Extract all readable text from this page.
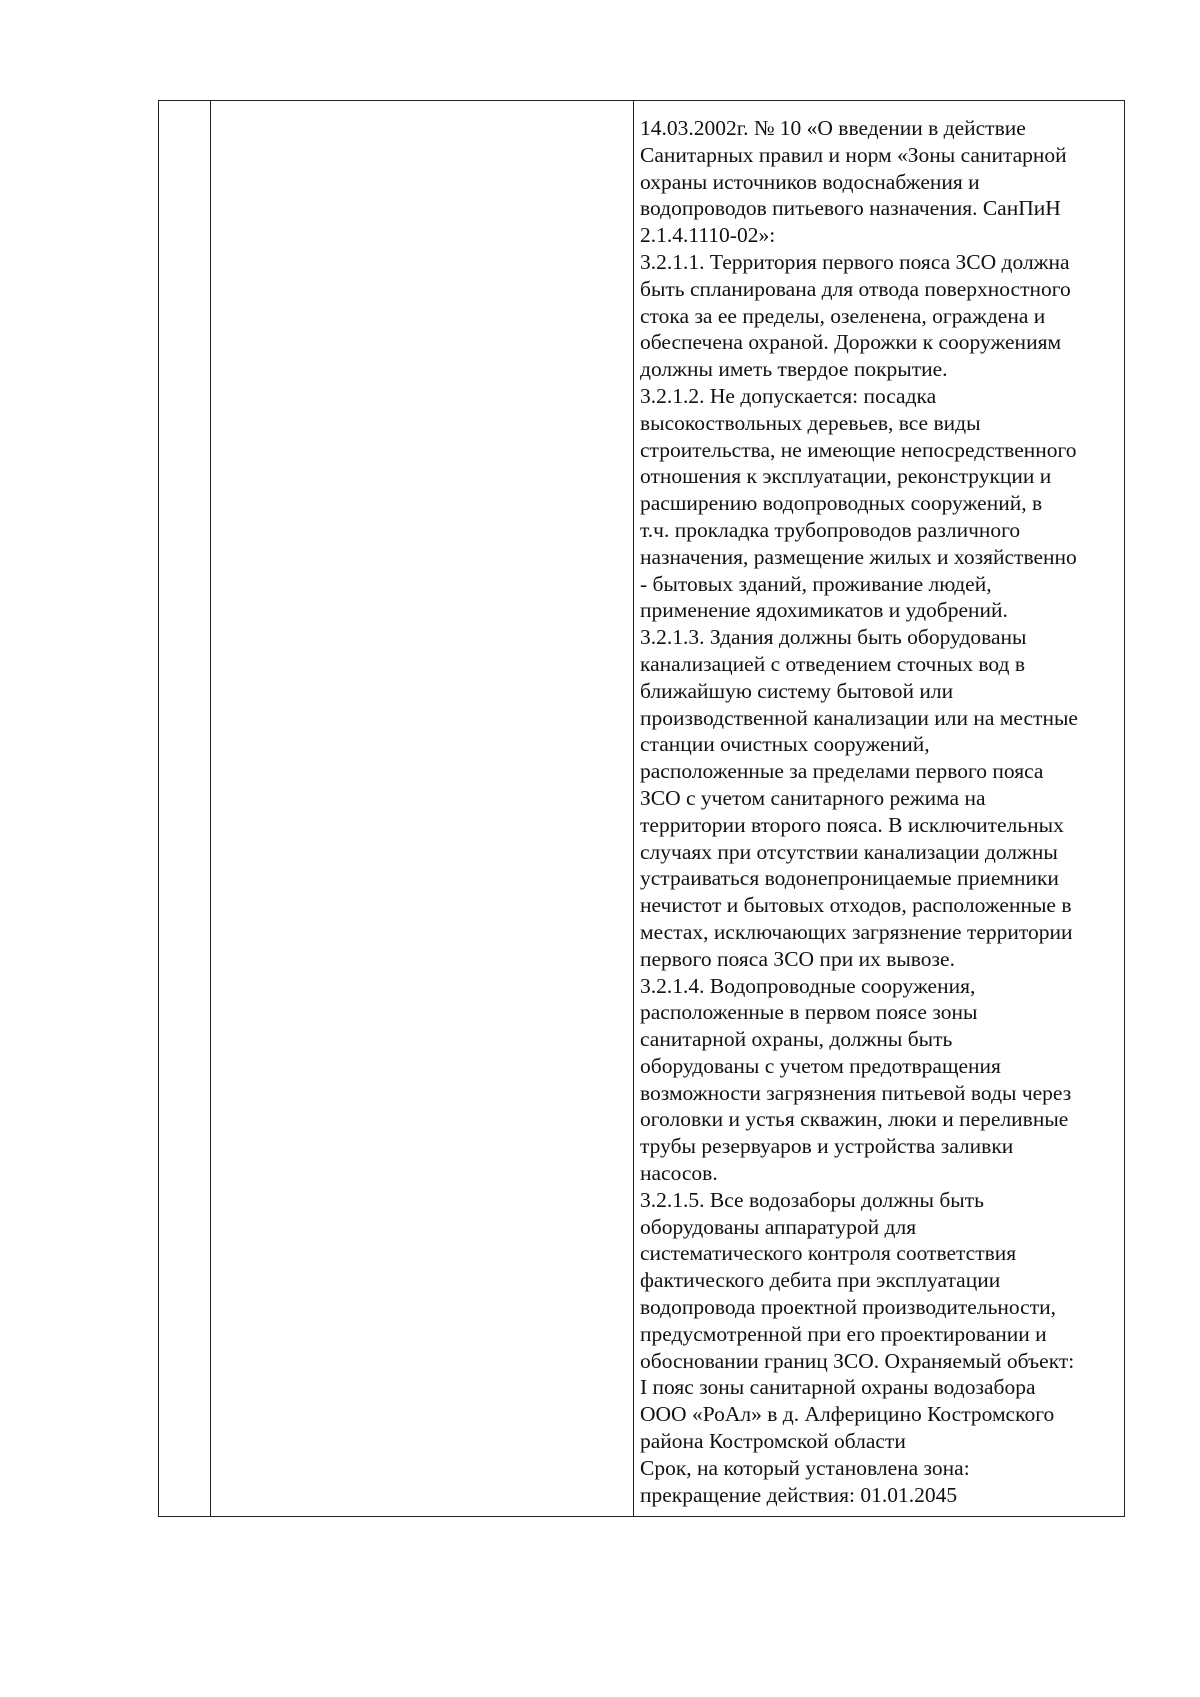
14.03.2002г. № 10 «О введении в действие
Санитарных правил и норм «Зоны санитарной
охраны источников водоснабжения и
водопроводов питьевого назначения. СанПиН
2.1.4.1110-02»:
3.2.1.1. Территория первого пояса ЗСО должна
быть спланирована для отвода поверхностного
стока за ее пределы, озеленена, ограждена и
обеспечена охраной. Дорожки к сооружениям
должны иметь твердое покрытие.
3.2.1.2. Не допускается: посадка
высокоствольных деревьев, все виды
строительства, не имеющие непосредственного
отношения к эксплуатации, реконструкции и
расширению водопроводных сооружений, в
т.ч. прокладка трубопроводов различного
назначения, размещение жилых и хозяйственно
- бытовых зданий, проживание людей,
применение ядохимикатов и удобрений.
3.2.1.3. Здания должны быть оборудованы
канализацией с отведением сточных вод в
ближайшую систему бытовой или
производственной канализации или на местные
станции очистных сооружений,
расположенные за пределами первого пояса
ЗСО с учетом санитарного режима на
территории второго пояса. В исключительных
случаях при отсутствии канализации должны
устраиваться водонепроницаемые приемники
нечистот и бытовых отходов, расположенные в
местах, исключающих загрязнение территории
первого пояса ЗСО при их вывозе.
3.2.1.4. Водопроводные сооружения,
расположенные в первом поясе зоны
санитарной охраны, должны быть
оборудованы с учетом предотвращения
возможности загрязнения питьевой воды через
оголовки и устья скважин, люки и переливные
трубы резервуаров и устройства заливки
насосов.
3.2.1.5. Все водозаборы должны быть
оборудованы аппаратурой для
систематического контроля соответствия
фактического дебита при эксплуатации
водопровода проектной производительности,
предусмотренной при его проектировании и
обосновании границ ЗСО. Охраняемый объект:
I пояс зоны санитарной охраны водозабора
ООО «РоАл» в д. Алферицино Костромского
района Костромской области
Срок, на который установлена зона:
прекращение действия: 01.01.2045
